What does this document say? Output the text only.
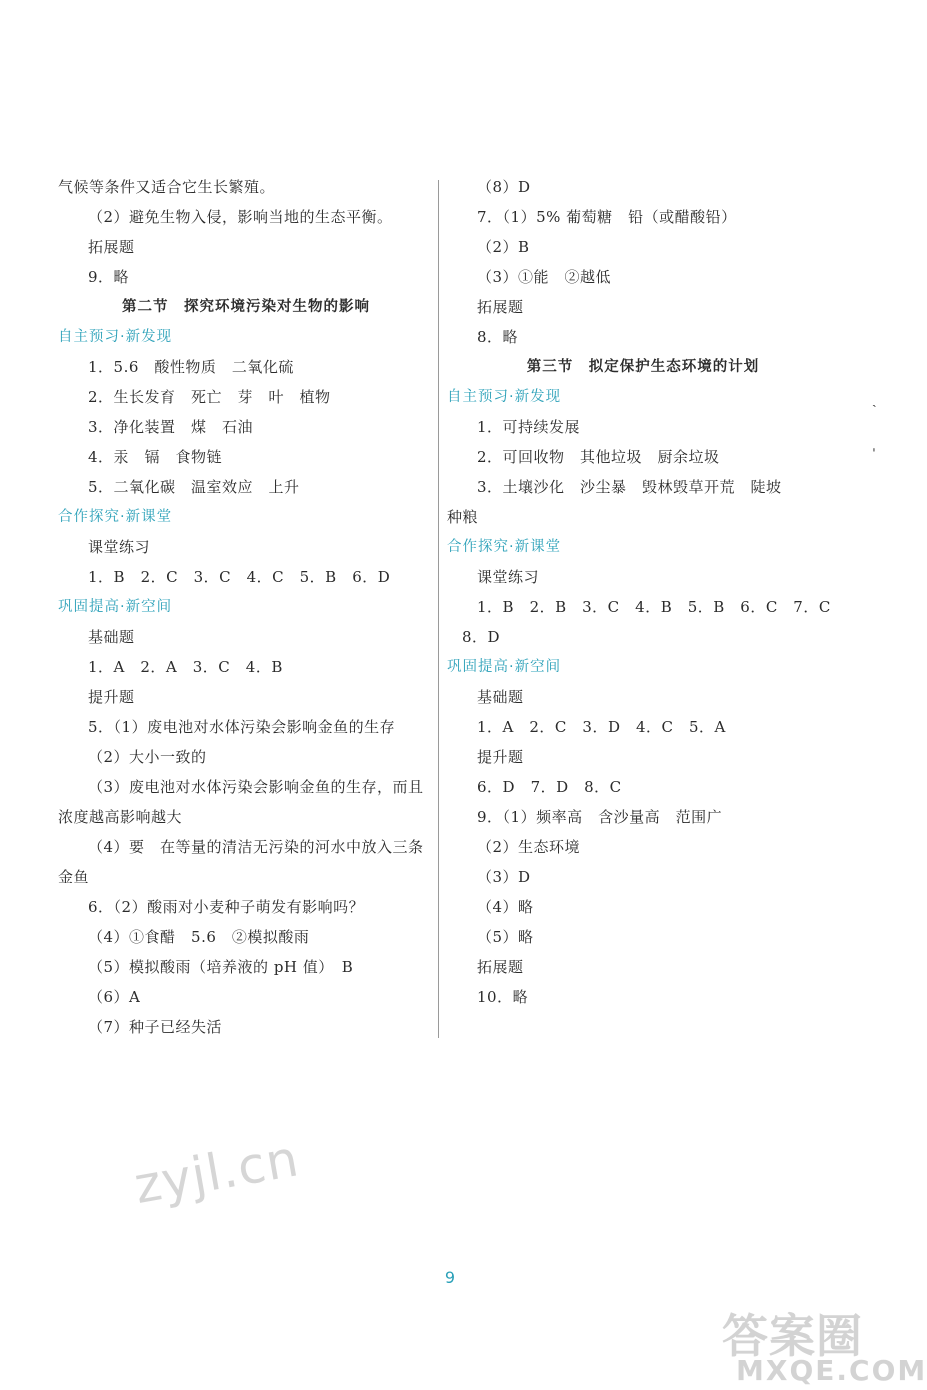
气候等条件又适合它生长繁殖。
（2）避免生物入侵，影响当地的生态平衡。
拓展题
9．略
第二节　探究环境污染对生物的影响
自主预习·新发现
1．5.6　酸性物质　二氧化硫
2．生长发育　死亡　芽　叶　植物
3．净化装置　煤　石油
4．汞　镉　食物链
5．二氧化碳　温室效应　上升
合作探究·新课堂
课堂练习
1．B　2．C　3．C　4．C　5．B　6．D
巩固提高·新空间
基础题
1．A　2．A　3．C　4．B
提升题
5．（1）废电池对水体污染会影响金鱼的生存
（2）大小一致的
（3）废电池对水体污染会影响金鱼的生存，而且
浓度越高影响越大
（4）要　在等量的清洁无污染的河水中放入三条
金鱼
6．（2）酸雨对小麦种子萌发有影响吗？
（4）①食醋　5.6　②模拟酸雨
（5）模拟酸雨（培养液的 pH 值）　B
（6）A
（7）种子已经失活
（8）D
7．（1）5% 葡萄糖　铅（或醋酸铅）
（2）B
（3）①能　②越低
拓展题
8．略
第三节　拟定保护生态环境的计划
自主预习·新发现
1．可持续发展
2．可回收物　其他垃圾　厨余垃圾
3．土壤沙化　沙尘暴　毁林毁草开荒　陡坡
种粮
合作探究·新课堂
课堂练习
1．B　2．B　3．C　4．B　5．B　6．C　7．C
8．D
巩固提高·新空间
基础题
1．A　2．C　3．D　4．C　5．A
提升题
6．D　7．D　8．C
9．（1）频率高　含沙量高　范围广
（2）生态环境
（3）D
（4）略
（5）略
拓展题
10．略
ˎ
ˌ
9
zyjl.cn
答案圈
MXQE.COM
